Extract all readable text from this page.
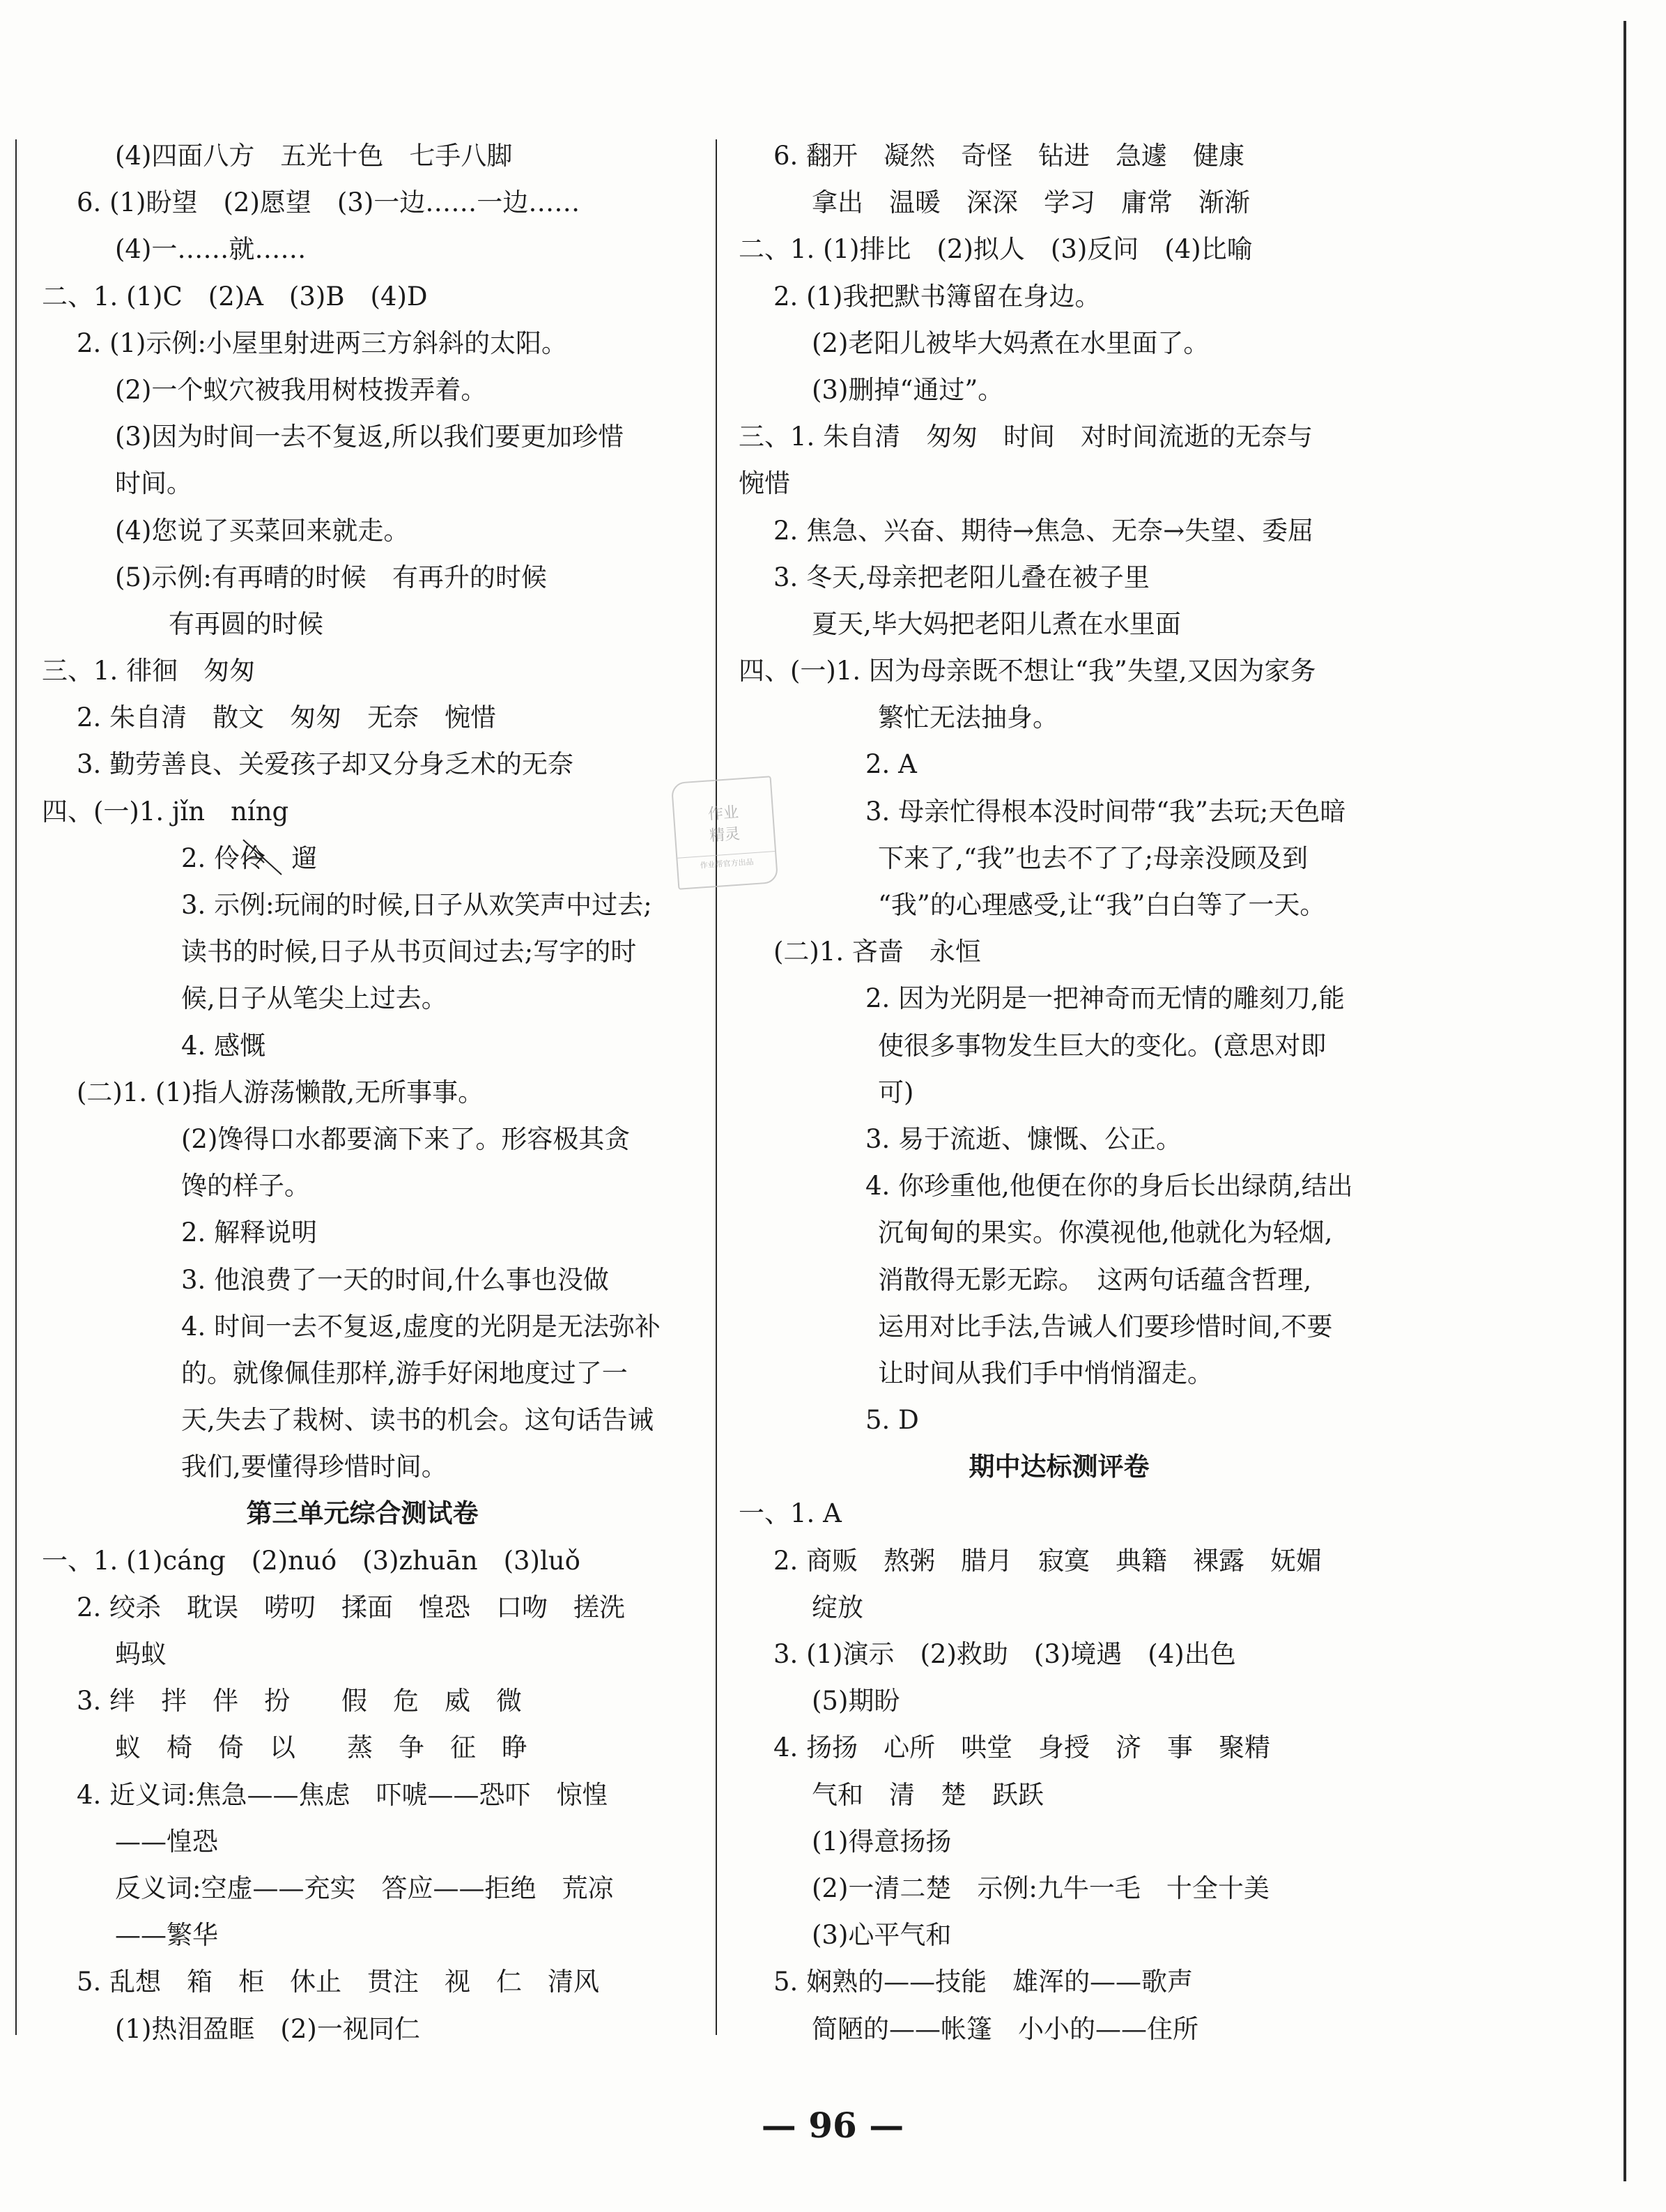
(4)四面八方　五光十色　七手八脚
6. (1)盼望　(2)愿望　(3)一边……一边……
(4)一……就……
二、1. (1)C　(2)A　(3)B　(4)D
2. (1)示例:小屋里射进两三方斜斜的太阳。
(2)一个蚁穴被我用树枝拨弄着。
(3)因为时间一去不复返,所以我们要更加珍惜
时间。
(4)您说了买菜回来就走。
(5)示例:有再晴的时候　有再升的时候
有再圆的时候
三、1. 徘徊　匆匆
2. 朱自清　散文　匆匆　无奈　惋惜
3. 勤劳善良、关爱孩子却又分身乏术的无奈
四、(一)1. jǐn　níng
2. 伶伶　遛
3. 示例:玩闹的时候,日子从欢笑声中过去;
读书的时候,日子从书页间过去;写字的时
候,日子从笔尖上过去。
4. 感慨
(二)1. (1)指人游荡懒散,无所事事。
(2)馋得口水都要滴下来了。形容极其贪
馋的样子。
2. 解释说明
3. 他浪费了一天的时间,什么事也没做
4. 时间一去不复返,虚度的光阴是无法弥补
的。就像佩佳那样,游手好闲地度过了一
天,失去了栽树、读书的机会。这句话告诫
我们,要懂得珍惜时间。
第三单元综合测试卷
一、1. (1)cáng　(2)nuó　(3)zhuān　(3)luǒ
2. 绞杀　耽误　唠叨　揉面　惶恐　口吻　搓洗
蚂蚁
3. 绊　拌　伴　扮　　假　危　威　微
蚁　椅　倚　以　　蒸　争　征　睁
4. 近义词:焦急——焦虑　吓唬——恐吓　惊惶
——惶恐
反义词:空虚——充实　答应——拒绝　荒凉
——繁华
5. 乱想　箱　柜　休止　贯注　视　仁　清风
(1)热泪盈眶　(2)一视同仁
6. 翻开　凝然　奇怪　钻进　急遽　健康
拿出　温暖　深深　学习　庸常　渐渐
二、1. (1)排比　(2)拟人　(3)反问　(4)比喻
2. (1)我把默书簿留在身边。
(2)老阳儿被毕大妈煮在水里面了。
(3)删掉“通过”。
三、1. 朱自清　匆匆　时间　对时间流逝的无奈与
惋惜
2. 焦急、兴奋、期待→焦急、无奈→失望、委屈
3. 冬天,母亲把老阳儿叠在被子里
夏天,毕大妈把老阳儿煮在水里面
四、(一)1. 因为母亲既不想让“我”失望,又因为家务
繁忙无法抽身。
2. A
3. 母亲忙得根本没时间带“我”去玩;天色暗
下来了,“我”也去不了了;母亲没顾及到
“我”的心理感受,让“我”白白等了一天。
(二)1. 吝啬　永恒
2. 因为光阴是一把神奇而无情的雕刻刀,能
使很多事物发生巨大的变化。(意思对即
可)
3. 易于流逝、慷慨、公正。
4. 你珍重他,他便在你的身后长出绿荫,结出
沉甸甸的果实。你漠视他,他就化为轻烟,
消散得无影无踪。　这两句话蕴含哲理,
运用对比手法,告诫人们要珍惜时间,不要
让时间从我们手中悄悄溜走。
5. D
期中达标测评卷
一、1. A
2. 商贩　熬粥　腊月　寂寞　典籍　裸露　妩媚
绽放
3. (1)演示　(2)救助　(3)境遇　(4)出色
(5)期盼
4. 扬扬　心所　哄堂　身授　济　事　聚精
气和　清　楚　跃跃
(1)得意扬扬
(2)一清二楚　示例:九牛一毛　十全十美
(3)心平气和
5. 娴熟的——技能　雄浑的——歌声
简陋的——帐篷　小小的——住所
作业
精灵
作业帮官方出品
— 96 —
